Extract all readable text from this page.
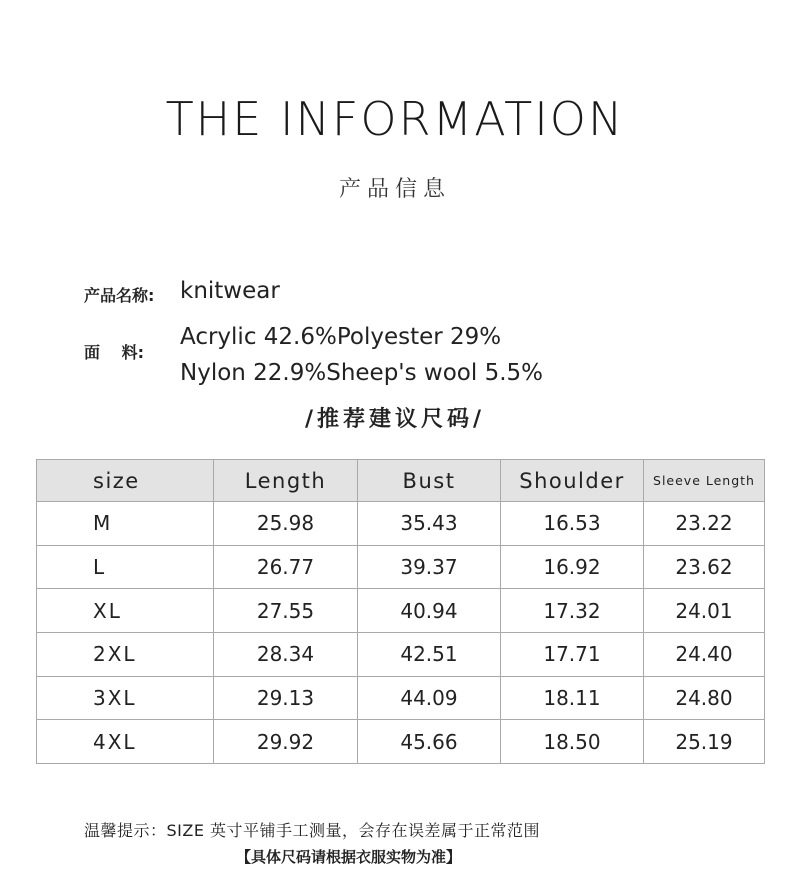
THE INFORMATION
产品信息
产品名称: knitwear
面　 料:
Acrylic 42.6%Polyester 29%
Nylon 22.9%Sheep's wool 5.5%
/推荐建议尺码/
size	Length	Bust	Shoulder	Sleeve Length
M	25.98	35.43	16.53	23.22
L	26.77	39.37	16.92	23.62
XL	27.55	40.94	17.32	24.01
2XL	28.34	42.51	17.71	24.40
3XL	29.13	44.09	18.11	24.80
4XL	29.92	45.66	18.50	25.19
温馨提示：SIZE 英寸平铺手工测量，会存在误差属于正常范围
【具体尺码请根据衣服实物为准】
